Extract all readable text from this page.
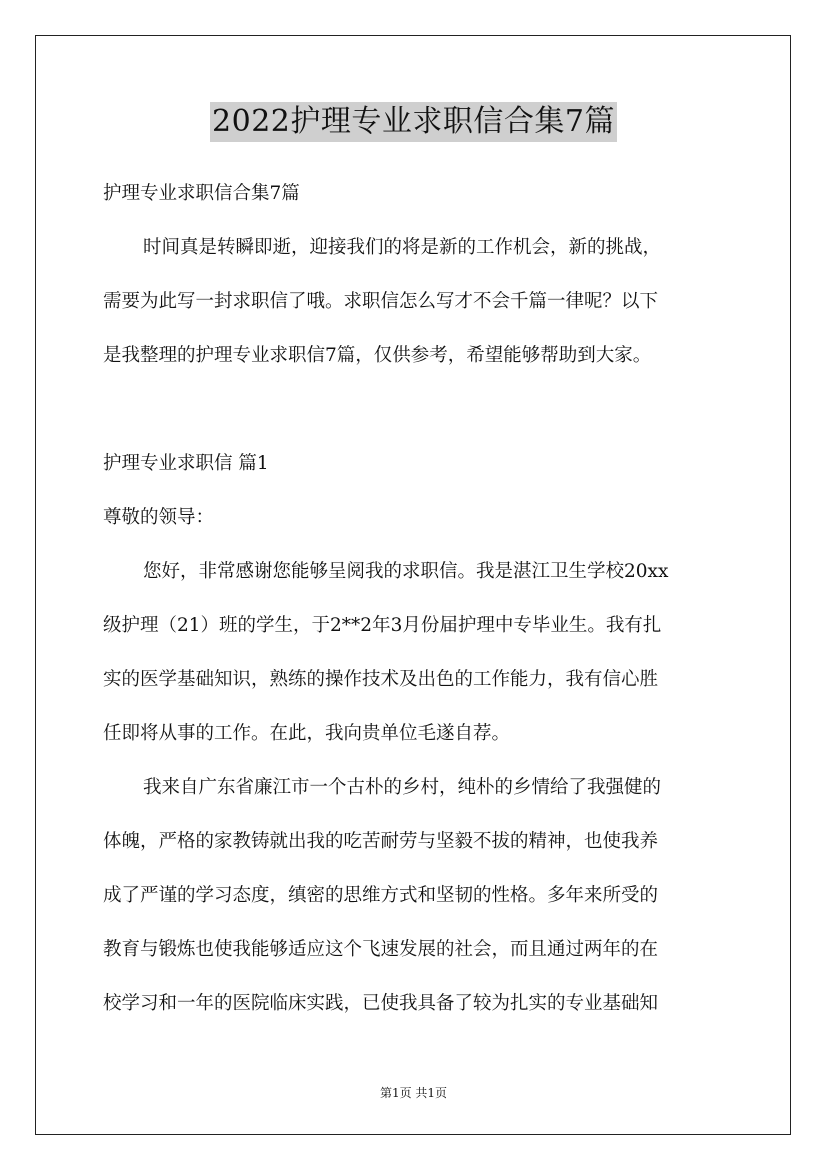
2022护理专业求职信合集7篇
护理专业求职信合集7篇
时间真是转瞬即逝，迎接我们的将是新的工作机会，新的挑战，
需要为此写一封求职信了哦。求职信怎么写才不会千篇一律呢？以下
是我整理的护理专业求职信7篇，仅供参考，希望能够帮助到大家。
护理专业求职信 篇1
尊敬的领导：
您好，非常感谢您能够呈阅我的求职信。我是湛江卫生学校20xx
级护理（21）班的学生，于2**2年3月份届护理中专毕业生。我有扎
实的医学基础知识，熟练的操作技术及出色的工作能力，我有信心胜
任即将从事的工作。在此，我向贵单位毛遂自荐。
我来自广东省廉江市一个古朴的乡村，纯朴的乡情给了我强健的
体魄，严格的家教铸就出我的吃苦耐劳与坚毅不拔的精神，也使我养
成了严谨的学习态度，缜密的思维方式和坚韧的性格。多年来所受的
教育与锻炼也使我能够适应这个飞速发展的社会，而且通过两年的在
校学习和一年的医院临床实践，已使我具备了较为扎实的专业基础知
第1页 共1页
